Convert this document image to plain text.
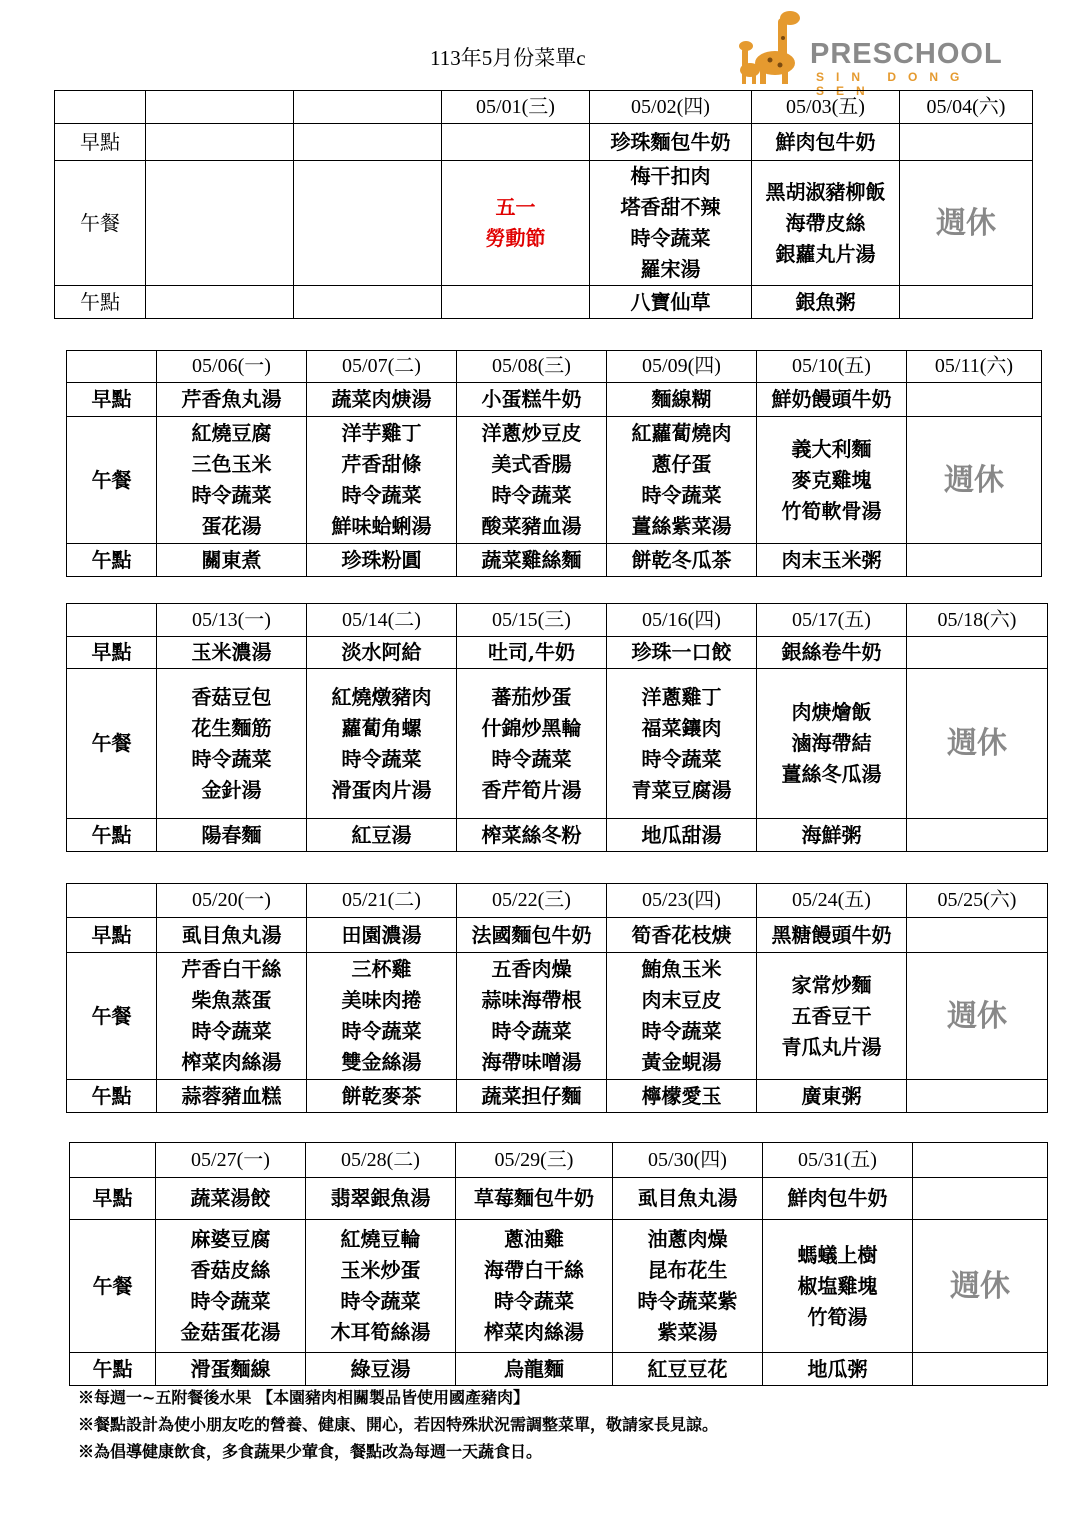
113年5月份菜單c	PRESCHOOL
SIN DONG SEN
			05/01(三)	05/02(四)	05/03(五)	05/04(六)
早點				珍珠麵包牛奶	鮮肉包牛奶	
午餐			五一
勞動節	梅干扣肉
塔香甜不辣
時令蔬菜
羅宋湯	黑胡淑豬柳飯
海帶皮絲
銀蘿丸片湯	週休
午點				八寶仙草	銀魚粥	
	05/06(一)	05/07(二)	05/08(三)	05/09(四)	05/10(五)	05/11(六)
早點	芹香魚丸湯	蔬菜肉焿湯	小蛋糕牛奶	麵線糊	鮮奶饅頭牛奶	
午餐	紅燒豆腐
三色玉米
時令蔬菜
蛋花湯	洋芋雞丁
芹香甜條
時令蔬菜
鮮味蛤蜊湯	洋蔥炒豆皮
美式香腸
時令蔬菜
酸菜豬血湯	紅蘿蔔燒肉
蔥仔蛋
時令蔬菜
薑絲紫菜湯	義大利麵
麥克雞塊
竹筍軟骨湯	週休
午點	關東煮	珍珠粉圓	蔬菜雞絲麵	餅乾冬瓜茶	肉末玉米粥	
	05/13(一)	05/14(二)	05/15(三)	05/16(四)	05/17(五)	05/18(六)
早點	玉米濃湯	淡水阿給	吐司,牛奶	珍珠一口餃	銀絲卷牛奶	
午餐	香菇豆包
花生麵筋
時令蔬菜
金針湯	紅燒燉豬肉
蘿蔔角螺
時令蔬菜
滑蛋肉片湯	蕃茄炒蛋
什錦炒黑輪
時令蔬菜
香芹筍片湯	洋蔥雞丁
福菜鑲肉
時令蔬菜
青菜豆腐湯	肉焿燴飯
滷海帶結
薑絲冬瓜湯	週休
午點	陽春麵	紅豆湯	榨菜絲冬粉	地瓜甜湯	海鮮粥	
	05/20(一)	05/21(二)	05/22(三)	05/23(四)	05/24(五)	05/25(六)
早點	虱目魚丸湯	田園濃湯	法國麵包牛奶	筍香花枝焿	黑糖饅頭牛奶	
午餐	芹香白干絲
柴魚蒸蛋
時令蔬菜
榨菜肉絲湯	三杯雞
美味肉捲
時令蔬菜
雙金絲湯	五香肉燥
蒜味海帶根
時令蔬菜
海帶味噌湯	鮪魚玉米
肉末豆皮
時令蔬菜
黃金蜆湯	家常炒麵
五香豆干
青瓜丸片湯	週休
午點	蒜蓉豬血糕	餅乾麥茶	蔬菜担仔麵	檸檬愛玉	廣東粥	
	05/27(一)	05/28(二)	05/29(三)	05/30(四)	05/31(五)	
早點	蔬菜湯餃	翡翠銀魚湯	草莓麵包牛奶	虱目魚丸湯	鮮肉包牛奶	
午餐	麻婆豆腐
香菇皮絲
時令蔬菜
金菇蛋花湯	紅燒豆輪
玉米炒蛋
時令蔬菜
木耳筍絲湯	蔥油雞
海帶白干絲
時令蔬菜
榨菜肉絲湯	油蔥肉燥
昆布花生
時令蔬菜紫
紫菜湯	螞蟻上樹
椒塩雞塊
竹筍湯	週休
午點	滑蛋麵線	綠豆湯	烏龍麵	紅豆豆花	地瓜粥	
※每週一~五附餐後水果 【本園豬肉相關製品皆使用國產豬肉】
※餐點設計為使小朋友吃的營養、健康、開心，若因特殊狀況需調整菜單，敬請家長見諒。
※為倡導健康飲食，多食蔬果少葷食，餐點改為每週一天蔬食日。
